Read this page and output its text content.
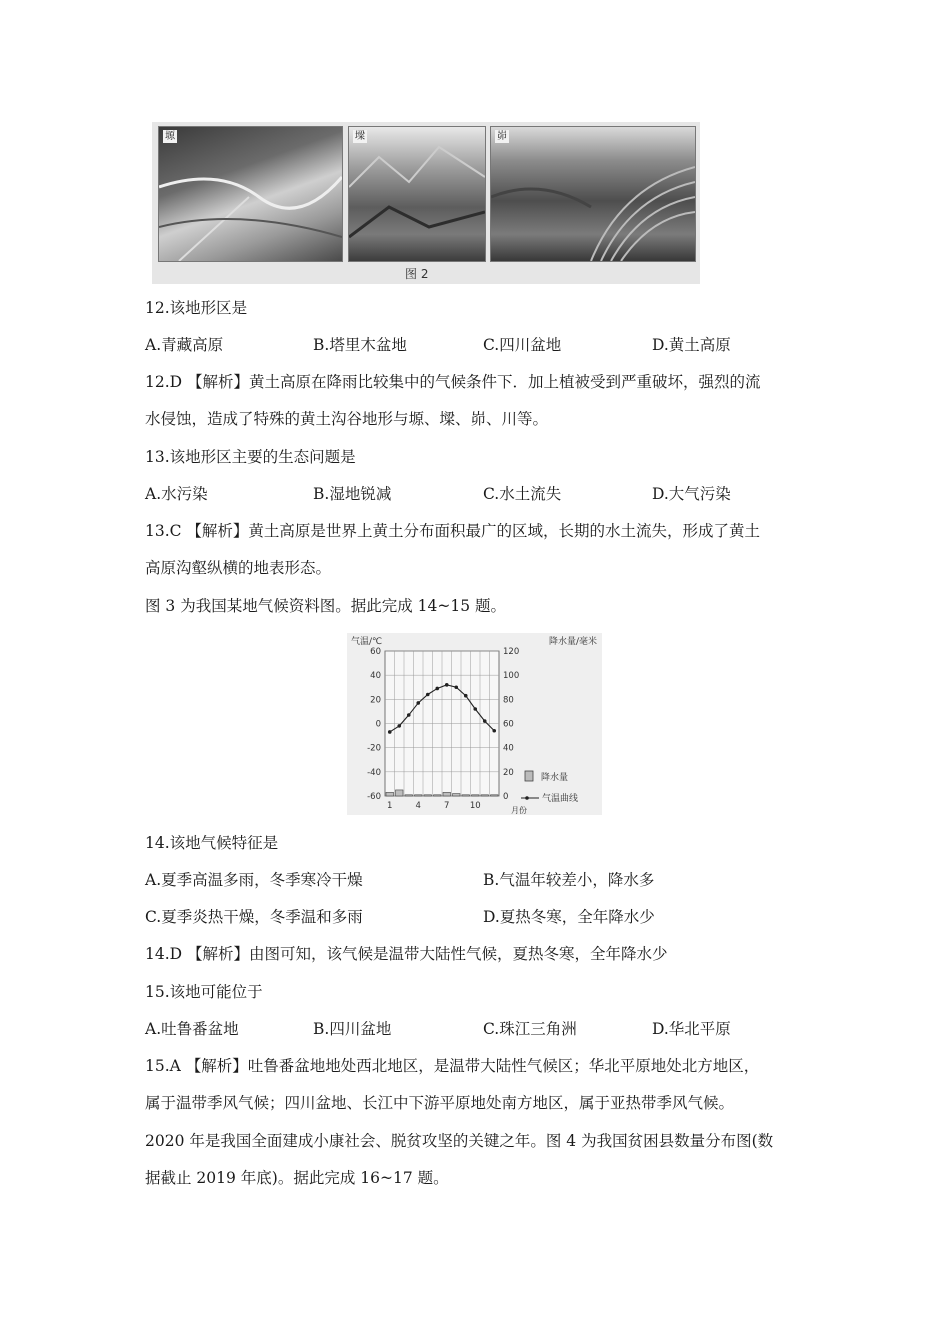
塬	墚	峁
图 2
12.该地形区是
A.青藏高原	B.塔里木盆地	C.四川盆地	D.黄土高原
12.D 【解析】黄土高原在降雨比较集中的气候条件下．加上植被受到严重破坏，强烈的流
水侵蚀，造成了特殊的黄土沟谷地形与塬、墚、峁、川等。
13.该地形区主要的生态问题是
A.水污染	B.湿地锐减	C.水土流失	D.大气污染
13.C 【解析】黄土高原是世界上黄土分布面积最广的区域，长期的水土流失，形成了黄土
高原沟壑纵横的地表形态。
图 3 为我国某地气候资料图。据此完成 14~15 题。
气温/℃	降水量/毫米
60
40
20
0
-20
-40
-60
120
100
80
60
40
20
0
1	4	7 10	月份
降水量
气温曲线
14.该地气候特征是
A.夏季高温多雨，冬季寒冷干燥	B.气温年较差小，降水多
C.夏季炎热干燥，冬季温和多雨	D.夏热冬寒，全年降水少
14.D 【解析】由图可知，该气候是温带大陆性气候，夏热冬寒，全年降水少
15.该地可能位于
A.吐鲁番盆地	B.四川盆地	C.珠江三角洲	D.华北平原
15.A 【解析】吐鲁番盆地地处西北地区，是温带大陆性气候区；华北平原地处北方地区，
属于温带季风气候；四川盆地、长江中下游平原地处南方地区，属于亚热带季风气候。
2020 年是我国全面建成小康社会、脱贫攻坚的关键之年。图 4 为我国贫困县数量分布图(数
据截止 2019 年底)。据此完成 16~17 题。
